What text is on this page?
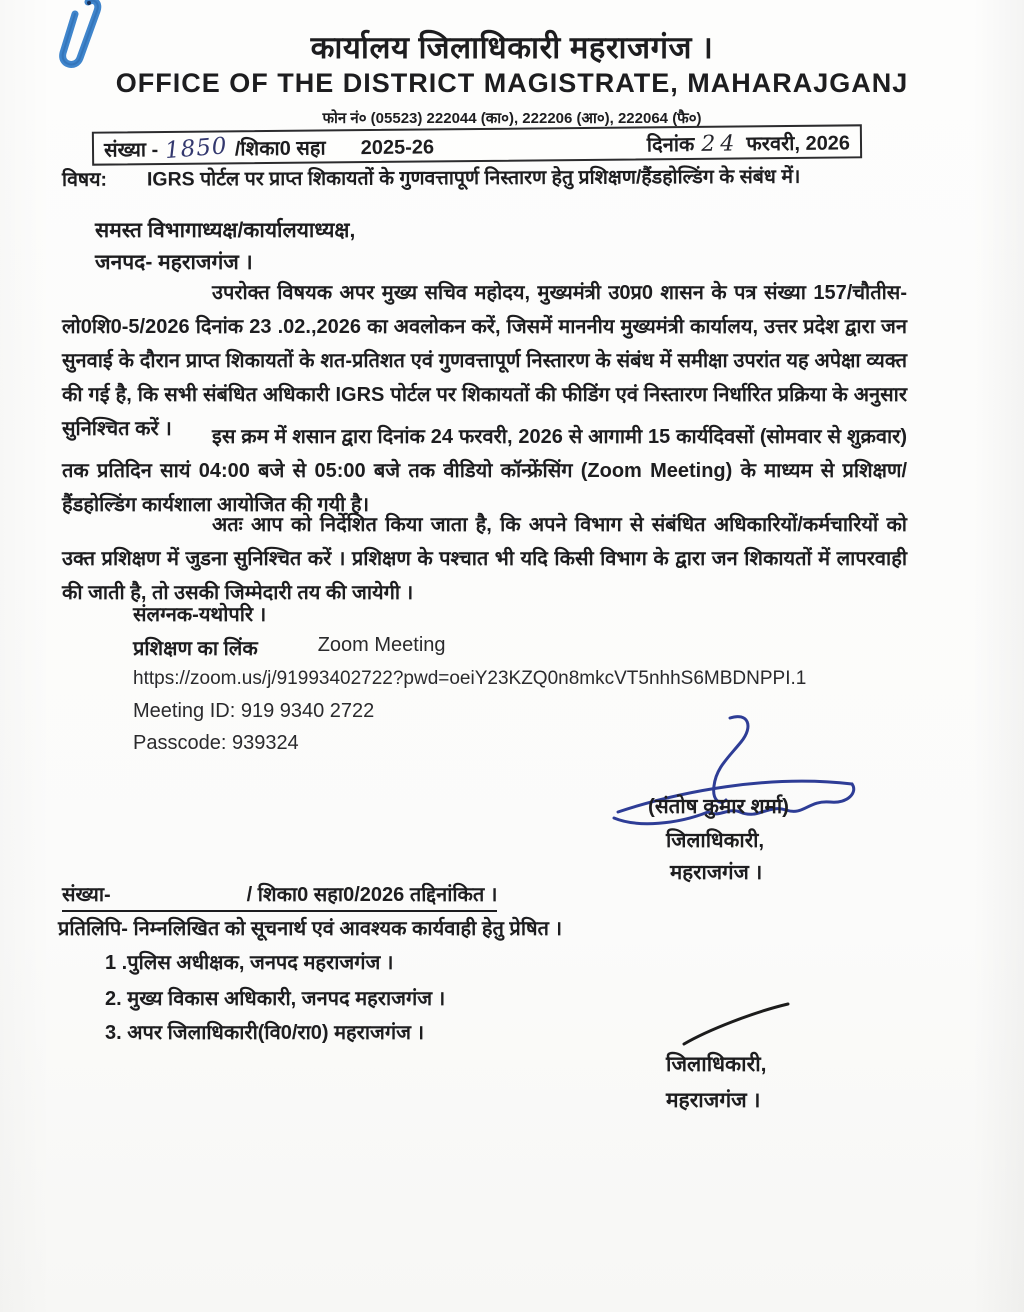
कार्यालय जिलाधिकारी महराजगंज ।
OFFICE OF THE DISTRICT MAGISTRATE, MAHARAJGANJ
फोन नं० (05523) 222044 (का०), 222206 (आ०), 222064 (फै०)
संख्या - 1850 /शिका0 सहा 2025-26	दिनांक 24 फरवरी, 2026
विषय: IGRS पोर्टल पर प्राप्त शिकायतों के गुणवत्तापूर्ण निस्तारण हेतु प्रशिक्षण/हैंडहोल्डिंग के संबंध में।
समस्त विभागाध्यक्ष/कार्यालयाध्यक्ष,
जनपद- महराजगंज ।
उपरोक्त विषयक अपर मुख्य सचिव महोदय, मुख्यमंत्री उ0प्र0 शासन के पत्र संख्या 157/चौतीस-लो0शि0-5/2026 दिनांक 23 .02.,2026 का अवलोकन करें, जिसमें माननीय मुख्यमंत्री कार्यालय, उत्तर प्रदेश द्वारा जन सुनवाई के दौरान प्राप्त शिकायतों के शत-प्रतिशत एवं गुणवत्तापूर्ण निस्तारण के संबंध में समीक्षा उपरांत यह अपेक्षा व्यक्त की गई है, कि सभी संबंधित अधिकारी IGRS पोर्टल पर शिकायतों की फीडिंग एवं निस्तारण निर्धारित प्रक्रिया के अनुसार सुनिश्चित करें ।	इस क्रम में शसान द्वारा दिनांक 24 फरवरी, 2026 से आगामी 15 कार्यदिवसों (सोमवार से शुक्रवार) तक प्रतिदिन सायं 04:00 बजे से 05:00 बजे तक वीडियो कॉन्फ्रेंसिंग (Zoom Meeting) के माध्यम से प्रशिक्षण/हैंडहोल्डिंग कार्यशाला आयोजित की गयी है।
अतः आप को निर्देशित किया जाता है, कि अपने विभाग से संबंधित अधिकारियों/कर्मचारियों को उक्त प्रशिक्षण में जुडना सुनिश्चित करें । प्रशिक्षण के पश्चात भी यदि किसी विभाग के द्वारा जन शिकायतों में लापरवाही की जाती है, तो उसकी जिम्मेदारी तय की जायेगी ।
संलग्नक-यथोपरि ।
प्रशिक्षण का लिंक	Zoom Meeting
https://zoom.us/j/91993402722?pwd=oeiY23KZQ0n8mkcVT5nhhS6MBDNPPI.1
Meeting ID: 919 9340 2722
Passcode: 939324
(संतोष कुमार शर्मा)
जिलाधिकारी,
महराजगंज ।
संख्या-	/ शिका0 सहा0/2026 तद्दिनांकित ।
प्रतिलिपि- निम्नलिखित को सूचनार्थ एवं आवश्यक कार्यवाही हेतु प्रेषित ।
1 .पुलिस अधीक्षक, जनपद महराजगंज ।
2. मुख्य विकास अधिकारी, जनपद महराजगंज ।
3. अपर जिलाधिकारी(वि0/रा0) महराजगंज ।
जिलाधिकारी,
महराजगंज ।
